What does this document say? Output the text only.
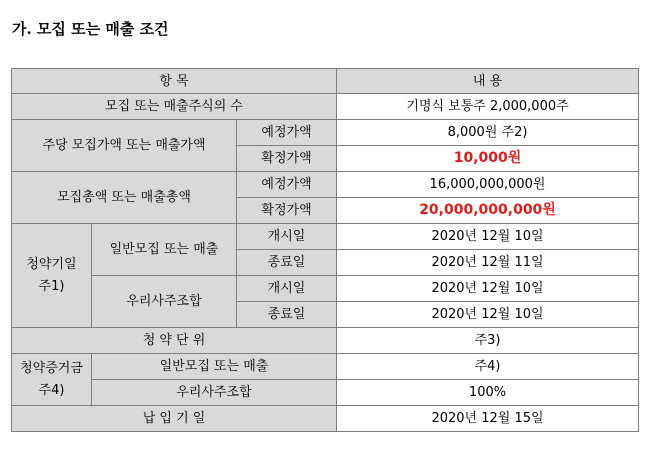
가. 모집 또는 매출 조건
항 목			내 용
모집 또는 매출주식의 수			기명식 보통주 2,000,000주
주당 모집가액 또는 매출가액		예정가액	8,000원 주2)
		확정가액	10,000원
모집총액 또는 매출총액		예정가액	16,000,000,000원
		확정가액	20,000,000,000원

청약기일
주1)	일반모집 또는 매출	개시일	2020년 12월 10일
		종료일	2020년 12월 11일
	우리사주조합	개시일	2020년 12월 10일
		종료일	2020년 12월 10일
청 약 단 위			주3)

청약증거금
주4)	일반모집 또는 매출		주4)
	우리사주조합		100%
납 입 기 일			2020년 12월 15일
